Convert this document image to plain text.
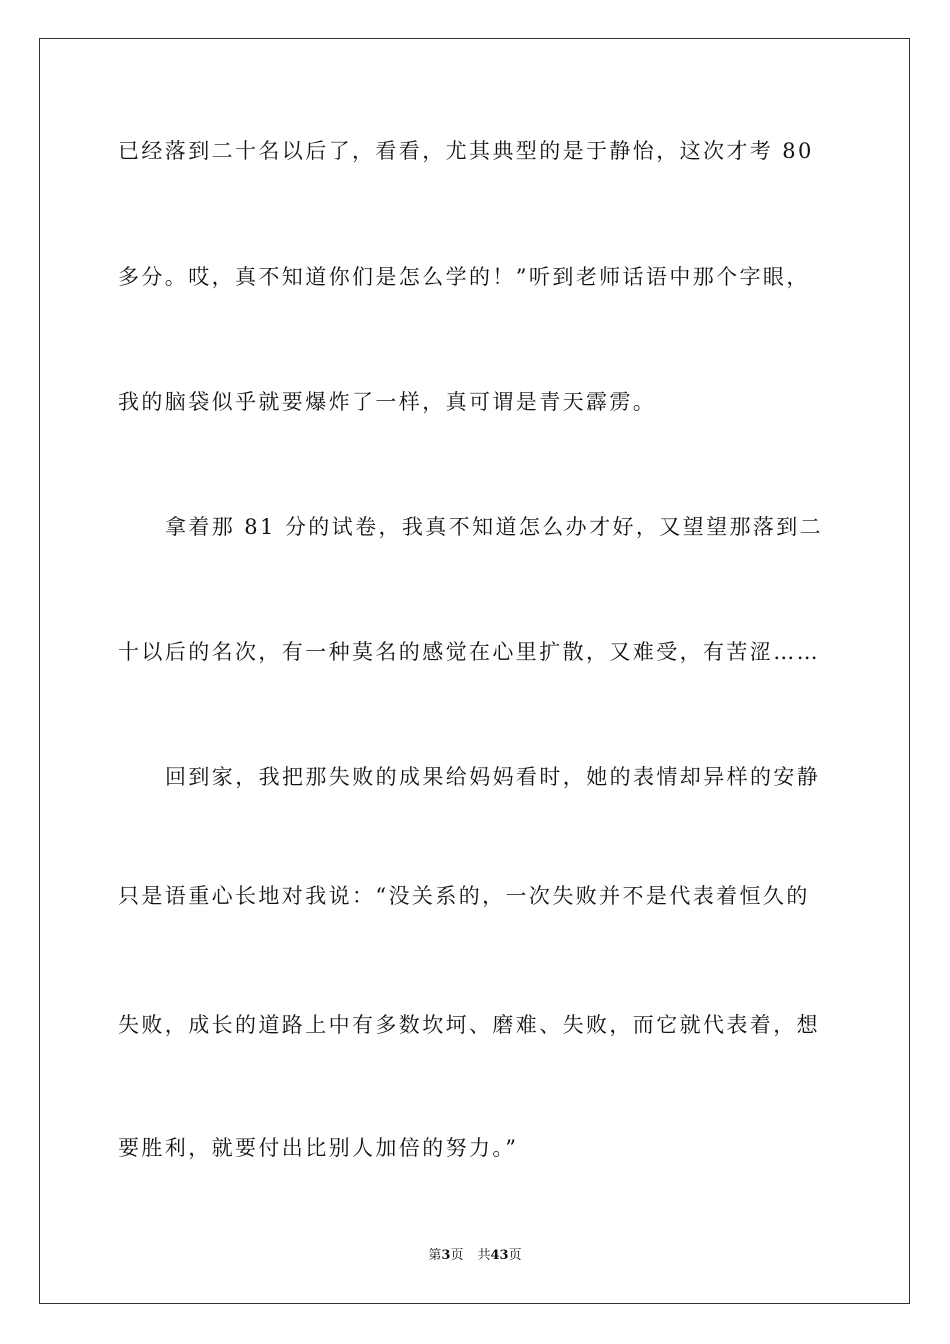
已经落到二十名以后了，看看，尤其典型的是于静怡，这次才考 80
多分。哎，真不知道你们是怎么学的！”听到老师话语中那个字眼，
我的脑袋似乎就要爆炸了一样，真可谓是青天霹雳。
拿着那 81 分的试卷，我真不知道怎么办才好，又望望那落到二
十以后的名次，有一种莫名的感觉在心里扩散，又难受，有苦涩……
回到家，我把那失败的成果给妈妈看时，她的表情却异样的安静
只是语重心长地对我说：“没关系的，一次失败并不是代表着恒久的
失败，成长的道路上中有多数坎坷、磨难、失败，而它就代表着，想
要胜利，就要付出比别人加倍的努力。”
第3页 共43页
